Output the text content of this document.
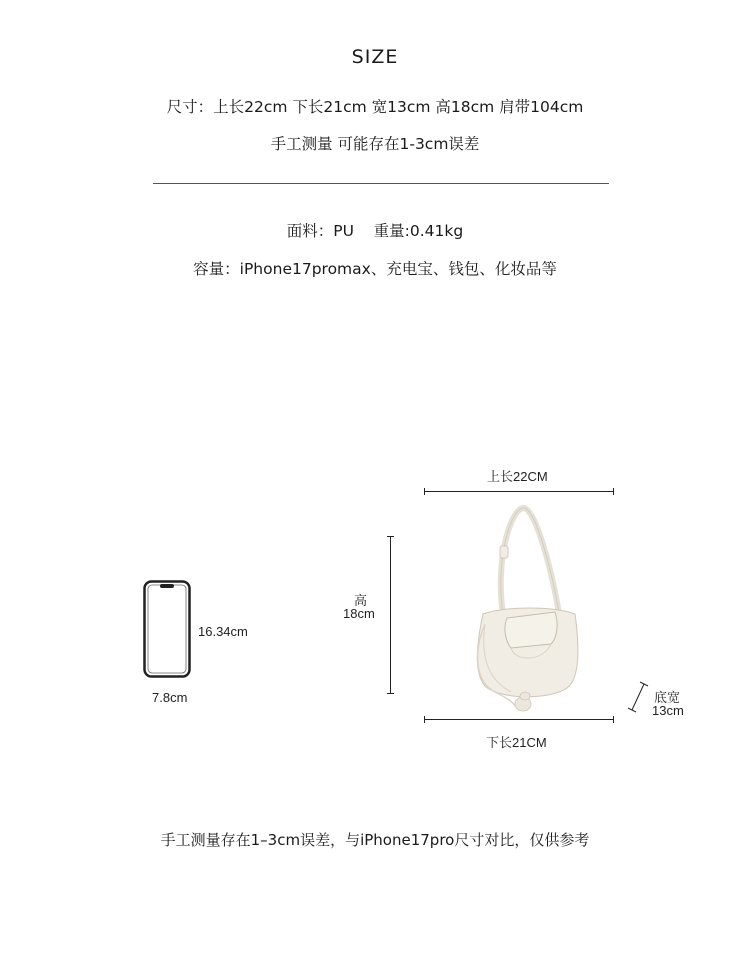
SIZE
尺寸：上长22cm 下长21cm 宽13cm 高18cm 肩带104cm
手工测量 可能存在1-3cm误差
面料：PU    重量:0.41kg
容量：iPhone17promax、充电宝、钱包、化妆品等
16.34cm
7.8cm
上长22CM
高
18cm
下长21CM
底宽
13cm
手工测量存在1–3cm误差，与iPhone17pro尺寸对比，仅供参考
